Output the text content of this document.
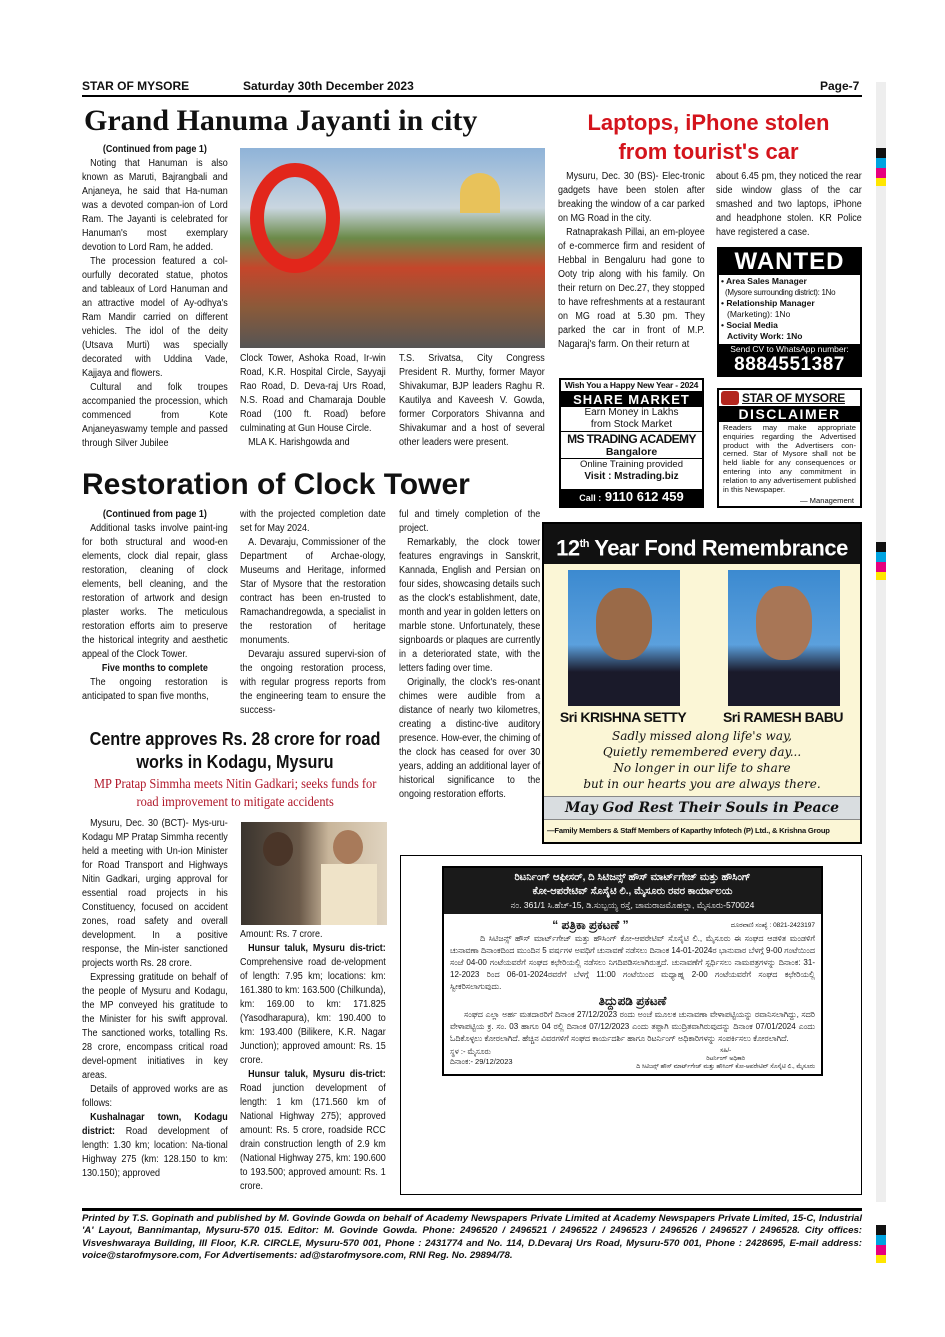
STAR OF MYSORE	Saturday 30th December 2023	Page-7
Grand Hanuma Jayanti in city

(Continued from page 1)

Noting that Hanuman is also known as Maruti, Bajrangbali and Anjaneya, he said that Ha-numan was a devoted compan-ion of Lord Ram. The Jayanti is celebrated for Hanuman's most exemplary devotion to Lord Ram, he added.

The procession featured a col-ourfully decorated statue, photos and tableaux of Lord Hanuman and an attractive model of Ay-odhya's Ram Mandir carried on different vehicles. The idol of the deity (Utsava Murti) was specially decorated with Uddina Vade, Kajjaya and flowers.

Cultural and folk troupes accompanied the procession, which commenced from Kote Anjaneyaswamy temple and passed through Silver Jubilee

Clock Tower, Ashoka Road, Ir-win Road, K.R. Hospital Circle, Sayyaji Rao Road, D. Deva-raj Urs Road, N.S. Road and Chamaraja Double Road (100 ft. Road) before culminating at Gun House Circle.

MLA K. Harishgowda and

T.S. Srivatsa, City Congress President R. Murthy, former Mayor Shivakumar, BJP leaders Raghu R. Kautilya and Kaveesh V. Gowda, former Corporators Shivanna and Shivakumar and a host of several other leaders were present.

Laptops, iPhone stolen
from tourist's car

Mysuru, Dec. 30 (BS)- Elec-tronic gadgets have been stolen after breaking the window of a car parked on MG Road in the city.

Ratnaprakash Pillai, an em-ployee of e-commerce firm and resident of Hebbal in Bengaluru had gone to Ooty trip along with his family. On their return on Dec.27, they stopped to have refreshments at a restaurant on MG road at 5.30 pm. They parked the car in front of M.P. Nagaraj's farm. On their return at

about 6.45 pm, they noticed the rear side window glass of the car smashed and two laptops, iPhone and headphone stolen. KR Police have registered a case.

WANTED
• Area Sales Manager
(Mysore surrounding district): 1No
• Relationship Manager
(Marketing): 1No
• Social Media
Activity Work: 1No
Send CV to WhatsApp number:
8884551387
Wish You a Happy New Year - 2024
SHARE MARKET
Earn Money in Lakhs
from Stock Market
MS TRADING ACADEMY
Bangalore
Online Training provided
Visit : Mstrading.biz
Call : 9110 612 459
STAR OF MYSORE
DISCLAIMER
Readers may make appropriate enquiries regarding the Advertised product with the Advertisers con-cerned. Star of Mysore shall not be held liable for any consequences or entering into any commitment in relation to any advertisement published in this Newspaper.
— Management
Restoration of Clock Tower

(Continued from page 1)

Additional tasks involve paint-ing for both structural and wood-en elements, clock dial repair, glass restoration, cleaning of clock elements, bell cleaning, and the restoration of artwork and design plaster works. The meticulous restoration efforts aim to preserve the historical integrity and aesthetic appeal of the Clock Tower.

Five months to complete

The ongoing restoration is anticipated to span five months,

with the projected completion date set for May 2024.

A. Devaraju, Commissioner of the Department of Archae-ology, Museums and Heritage, informed Star of Mysore that the restoration contract has been en-trusted to Ramachandregowda, a specialist in the restoration of heritage monuments.

Devaraju assured supervi-sion of the ongoing restoration process, with regular progress reports from the engineering team to ensure the success-

ful and timely completion of the project.

Remarkably, the clock tower features engravings in Sanskrit, Kannada, English and Persian on four sides, showcasing details such as the clock's establishment, date, month and year in golden letters on marble stone. Unfortunately, these signboards or plaques are currently in a deteriorated state, with the letters fading over time.

Originally, the clock's res-onant chimes were audible from a distance of nearly two kilometres, creating a distinc-tive auditory presence. How-ever, the chiming of the clock has ceased for over 30 years, adding an additional layer of historical significance to the ongoing restoration efforts.

12th Year Fond Remembrance
Sri KRISHNA SETTY	Sri RAMESH BABU
Sadly missed along life's way,
Quietly remembered every day...
No longer in our life to share
but in our hearts you are always there.
May God Rest Their Souls in Peace
—Family Members & Staff Members of Kaparthy Infotech (P) Ltd., & Krishna Group
Centre approves Rs. 28 crore for road works in Kodagu, Mysuru
MP Pratap Simmha meets Nitin Gadkari; seeks funds for road improvement to mitigate accidents

Mysuru, Dec. 30 (BCT)- Mys-uru-Kodagu MP Pratap Simmha recently held a meeting with Un-ion Minister for Road Transport and Highways Nitin Gadkari, urging approval for essential road projects in his Constituency, focused on accident zones, road safety and overall development. In a positive response, the Min-ister sanctioned projects worth Rs. 28 crore.

Expressing gratitude on behalf of the people of Mysuru and Kodagu, the MP conveyed his gratitude to the Minister for his swift approval. The sanctioned works, totalling Rs. 28 crore, encompass critical road devel-opment initiatives in key areas.

Details of approved works are as follows:

Kushalnagar town, Kodagu district: Road development of length: 1.30 km; location: Na-tional Highway 275 (km: 128.150 to km: 130.150); approved

Amount: Rs. 7 crore.

Hunsur taluk, Mysuru dis-trict: Comprehensive road de-velopment of length: 7.95 km; locations: km: 161.380 to km: 163.500 (Chilkunda), km: 169.00 to km: 171.825 (Yasodharapura), km: 190.400 to km: 193.400 (Bilikere, K.R. Nagar Junction); approved amount: Rs. 15 crore.

Hunsur taluk, Mysuru dis-trict: Road junction development of length: 1 km (171.560 km of National Highway 275); approved amount: Rs. 5 crore, roadside RCC drain construction length of 2.9 km (National Highway 275, km: 190.600 to 193.500; approved amount: Rs. 1 crore.

ರಿಟರ್ನಿಂಗ್ ಆಫೀಸರ್, ದಿ ಸಿಟಿಜನ್ಸ್ ಹೌಸ್ ಮಾರ್ಟ್‌ಗೇಜ್ ಮತ್ತು ಹೌಸಿಂಗ್
ಕೋ-ಆಪರೇಟಿವ್ ಸೊಸೈಟಿ ಲಿ., ಮೈಸೂರು ರವರ ಕಾರ್ಯಾಲಯ
ನಂ. 361/1 ಸಿ.ಹೆಚ್-15, ಡಿ.ಸುಬ್ಬಯ್ಯ ರಸ್ತೆ, ಚಾಮರಾಜಮೊಹಲ್ಲಾ, ಮೈಸೂರು-570024
“ ಪತ್ರಿಕಾ ಪ್ರಕಟಣೆ ”	ದೂರವಾಣಿ ಸಂಖ್ಯೆ : 0821-2423197
ದಿ ಸಿಟಿಜನ್ಸ್ ಹೌಸ್ ಮಾರ್ಟ್‌ಗೇಜ್ ಮತ್ತು ಹೌಸಿಂಗ್ ಕೋ-ಆಪರೇಟಿವ್ ಸೊಸೈಟಿ ಲಿ., ಮೈಸೂರು ಈ ಸಂಘದ ಆಡಳಿತ ಮಂಡಳಿಗೆ ಚುನಾವಣಾ ದಿನಾಂಕದಿಂದ ಮುಂದಿನ 5 ವರ್ಷಗಳ ಅವಧಿಗೆ ಚುನಾವಣೆ ನಡೆಸಲು ದಿನಾಂಕ 14-01-2024ರ ಭಾನುವಾರ ಬೆಳಗ್ಗೆ 9-00 ಗಂಟೆಯಿಂದ ಸಂಜೆ 04-00 ಗಂಟೆಯವರೆಗೆ ಸಂಘದ ಕಛೇರಿಯಲ್ಲಿ ನಡೆಸಲು ನಿಗದಿಪಡಿಸಲಾಗಿರುತ್ತದೆ. ಚುನಾವಣೆಗೆ ಸ್ಪರ್ಧಿಸಲು ನಾಮಪತ್ರಗಳನ್ನು ದಿನಾಂಕ: 31-12-2023 ರಿಂದ 06-01-2024ರವರೆಗೆ ಬೆಳಗ್ಗೆ 11:00 ಗಂಟೆಯಿಂದ ಮಧ್ಯಾಹ್ನ 2-00 ಗಂಟೆಯವರೆಗೆ ಸಂಘದ ಕಛೇರಿಯಲ್ಲಿ ಸ್ವೀಕರಿಸಲಾಗುವುದು.
ತಿದ್ದುಪಡಿ ಪ್ರಕಟಣೆ
ಸಂಘದ ಎಲ್ಲಾ ಅರ್ಹ ಮತದಾರರಿಗೆ ದಿನಾಂಕ 27/12/2023 ರಂದು ಅಂಚೆ ಮೂಲಕ ಚುನಾವಣಾ ವೇಳಾಪಟ್ಟಿಯನ್ನು ರವಾನಿಸಲಾಗಿದ್ದು, ಸದರಿ ವೇಳಾಪಟ್ಟಿಯ ಕ್ರ. ಸಂ. 03 ಹಾಗೂ 04 ರಲ್ಲಿ ದಿನಾಂಕ 07/12/2023 ಎಂದು ತಪ್ಪಾಗಿ ಮುದ್ರಿತವಾಗಿರುವುದನ್ನು ದಿನಾಂಕ 07/01/2024 ಎಂದು ಓದಿಕೊಳ್ಳಲು ಕೋರಲಾಗಿದೆ. ಹೆಚ್ಚಿನ ವಿವರಗಳಿಗೆ ಸಂಘದ ಕಾರ್ಯದರ್ಶಿ ಹಾಗೂ ರಿಟರ್ನಿಂಗ್ ಅಧಿಕಾರಿಗಳನ್ನು ಸಂಪರ್ಕಿಸಲು ಕೋರಲಾಗಿದೆ.
ಸ್ಥಳ :- ಮೈಸೂರು
ದಿನಾಂಕ:- 29/12/2023
ಸಹಿ/-
ರಿಟರ್ನಿಂಗ್ ಅಧಿಕಾರಿ
ದಿ ಸಿಟಿಜನ್ಸ್ ಹೌಸ್ ಮಾರ್ಟ್‌ಗೇಜ್ ಮತ್ತು ಹೌಸಿಂಗ್ ಕೋ-ಆಪರೇಟಿವ್ ಸೊಸೈಟಿ ಲಿ., ಮೈಸೂರು
Printed by T.S. Gopinath and published by M. Govinde Gowda on behalf of Academy Newspapers Private Limited at Academy Newspapers Private Limited, 15-C, Industrial 'A' Layout, Bannimantap, Mysuru-570 015. Editor: M. Govinde Gowda. Phone: 2496520 / 2496521 / 2496522 / 2496523 / 2496526 / 2496527 / 2496528. City offices: Visveshwaraya Building, III Floor, K.R. CIRCLE, Mysuru-570 001, Phone : 2431774 and No. 114, D.Devaraj Urs Road, Mysuru-570 001, Phone : 2428695, E-mail address: voice@starofmysore.com, For Advertisements: ad@starofmysore.com, RNI Reg. No. 29894/78.
